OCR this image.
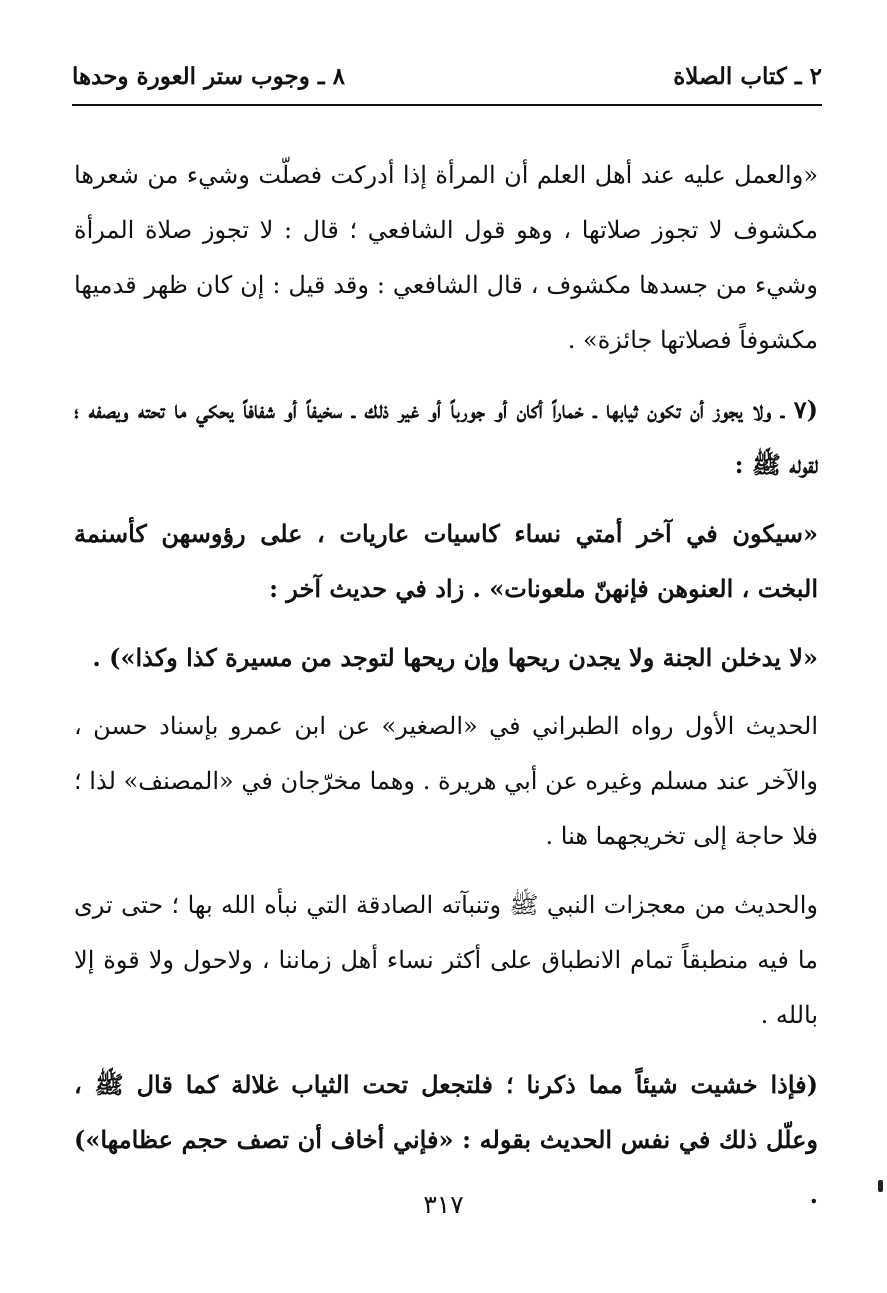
٢ ـ كتاب الصلاة
٨ ـ وجوب ستر العورة وحدها

«والعمل عليه عند أهل العلم أن المرأة إذا أدركت فصلّت وشيء من شعرها مكشوف لا تجوز صلاتها ، وهو قول الشافعي ؛ قال : لا تجوز صلاة المرأة وشيء من جسدها مكشوف ، قال الشافعي : وقد قيل : إن كان ظهر قدميها مكشوفاً فصلاتها جائزة» .

(٧ ـ ولا يجوز أن تكون ثيابها ـ خماراً أكان أو جورباً أو غير ذلك ـ سخيفاً أو شفافاً يحكي ما تحته ويصفه ؛ لقوله ﷺ :

«سيكون في آخر أمتي نساء كاسيات عاريات ، على رؤوسهن كأسنمة البخت ، العنوهن فإنهنّ ملعونات» . زاد في حديث آخر :

«لا يدخلن الجنة ولا يجدن ريحها وإن ريحها لتوجد من مسيرة كذا وكذا») .

الحديث الأول رواه الطبراني في «الصغير» عن ابن عمرو بإسناد حسن ، والآخر عند مسلم وغيره عن أبي هريرة . وهما مخرّجان في «المصنف» لذا ؛ فلا حاجة إلى تخريجهما هنا .

والحديث من معجزات النبي ﷺ وتنبآته الصادقة التي نبأه الله بها ؛ حتى ترى ما فيه منطبقاً تمام الانطباق على أكثر نساء أهل زماننا ، ولاحول ولا قوة إلا بالله .

(فإذا خشيت شيئاً مما ذكرنا ؛ فلتجعل تحت الثياب غلالة كما قال ﷺ ، وعلّل ذلك في نفس الحديث بقوله : «فإني أخاف أن تصف حجم عظامها») .

٣١٧
